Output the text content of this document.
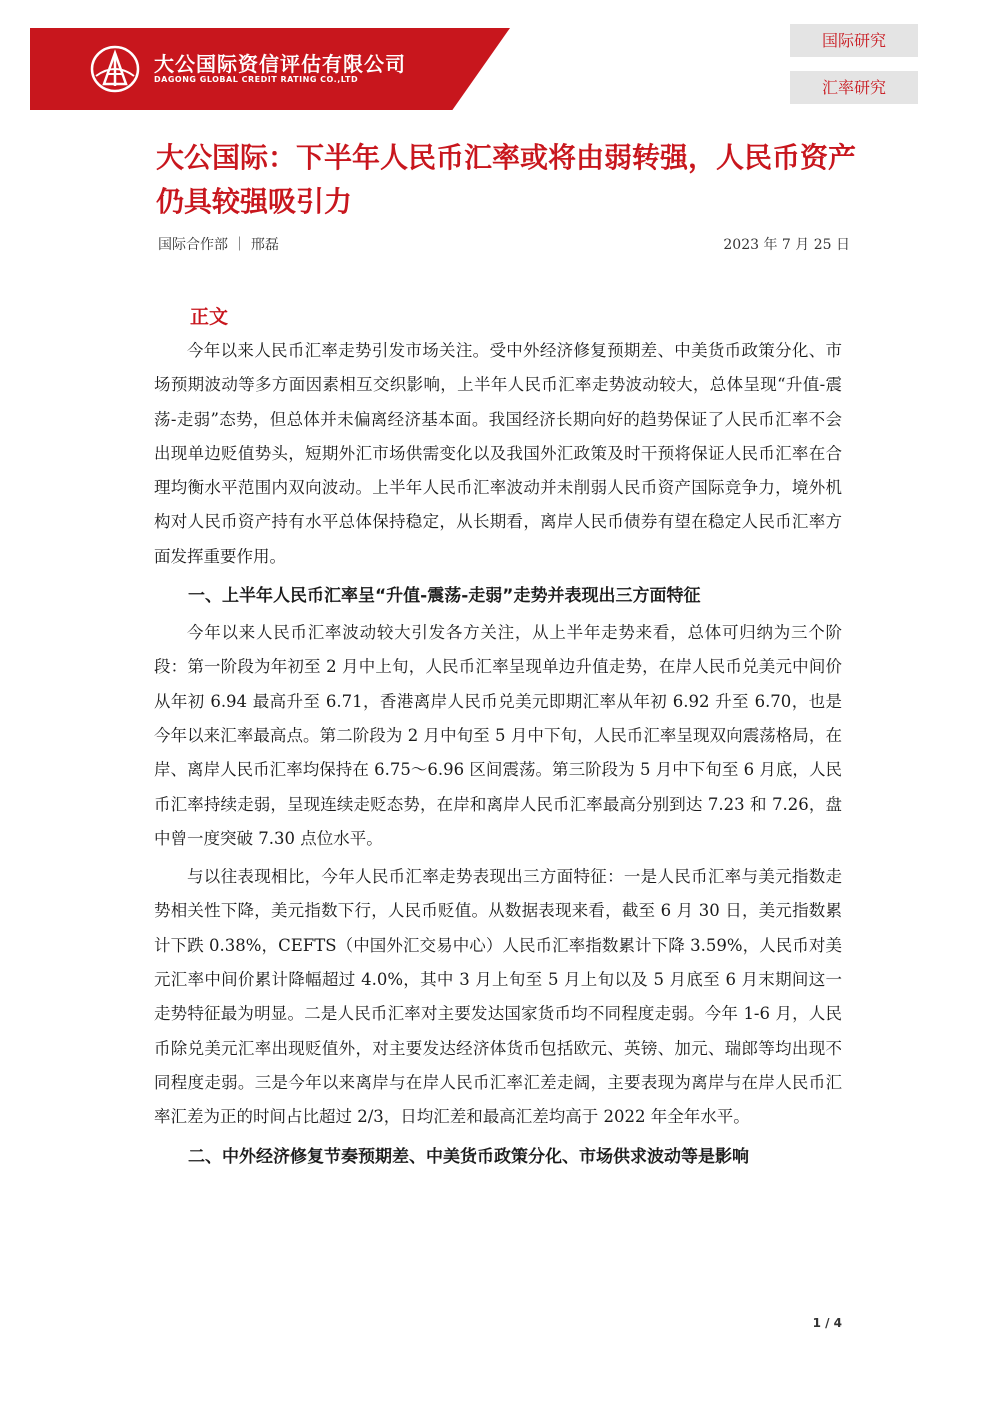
大公国际资信评估有限公司
DAGONG GLOBAL CREDIT RATING CO.,LTD
国际研究
汇率研究
大公国际：下半年人民币汇率或将由弱转强，人民币资产仍具较强吸引力
国际合作部 ｜ 邢磊	2023 年 7 月 25 日
正文

今年以来人民币汇率走势引发市场关注。受中外经济修复预期差、中美货币政策分化、市场预期波动等多方面因素相互交织影响，上半年人民币汇率走势波动较大，总体呈现“升值-震荡-走弱”态势，但总体并未偏离经济基本面。我国经济长期向好的趋势保证了人民币汇率不会出现单边贬值势头，短期外汇市场供需变化以及我国外汇政策及时干预将保证人民币汇率在合理均衡水平范围内双向波动。上半年人民币汇率波动并未削弱人民币资产国际竞争力，境外机构对人民币资产持有水平总体保持稳定，从长期看，离岸人民币债券有望在稳定人民币汇率方面发挥重要作用。

一、上半年人民币汇率呈“升值-震荡-走弱”走势并表现出三方面特征

今年以来人民币汇率波动较大引发各方关注，从上半年走势来看，总体可归纳为三个阶段：第一阶段为年初至 2 月中上旬，人民币汇率呈现单边升值走势，在岸人民币兑美元中间价从年初 6.94 最高升至 6.71，香港离岸人民币兑美元即期汇率从年初 6.92 升至 6.70，也是今年以来汇率最高点。第二阶段为 2 月中旬至 5 月中下旬，人民币汇率呈现双向震荡格局，在岸、离岸人民币汇率均保持在 6.75～6.96 区间震荡。第三阶段为 5 月中下旬至 6 月底，人民币汇率持续走弱，呈现连续走贬态势，在岸和离岸人民币汇率最高分别到达 7.23 和 7.26，盘中曾一度突破 7.30 点位水平。

与以往表现相比，今年人民币汇率走势表现出三方面特征：一是人民币汇率与美元指数走势相关性下降，美元指数下行，人民币贬值。从数据表现来看，截至 6 月 30 日，美元指数累计下跌 0.38%，CEFTS（中国外汇交易中心）人民币汇率指数累计下降 3.59%，人民币对美元汇率中间价累计降幅超过 4.0%，其中 3 月上旬至 5 月上旬以及 5 月底至 6 月末期间这一走势特征最为明显。二是人民币汇率对主要发达国家货币均不同程度走弱。今年 1-6 月，人民币除兑美元汇率出现贬值外，对主要发达经济体货币包括欧元、英镑、加元、瑞郎等均出现不同程度走弱。三是今年以来离岸与在岸人民币汇率汇差走阔，主要表现为离岸与在岸人民币汇率汇差为正的时间占比超过 2/3，日均汇差和最高汇差均高于 2022 年全年水平。

二、中外经济修复节奏预期差、中美货币政策分化、市场供求波动等是影响
1 / 4
